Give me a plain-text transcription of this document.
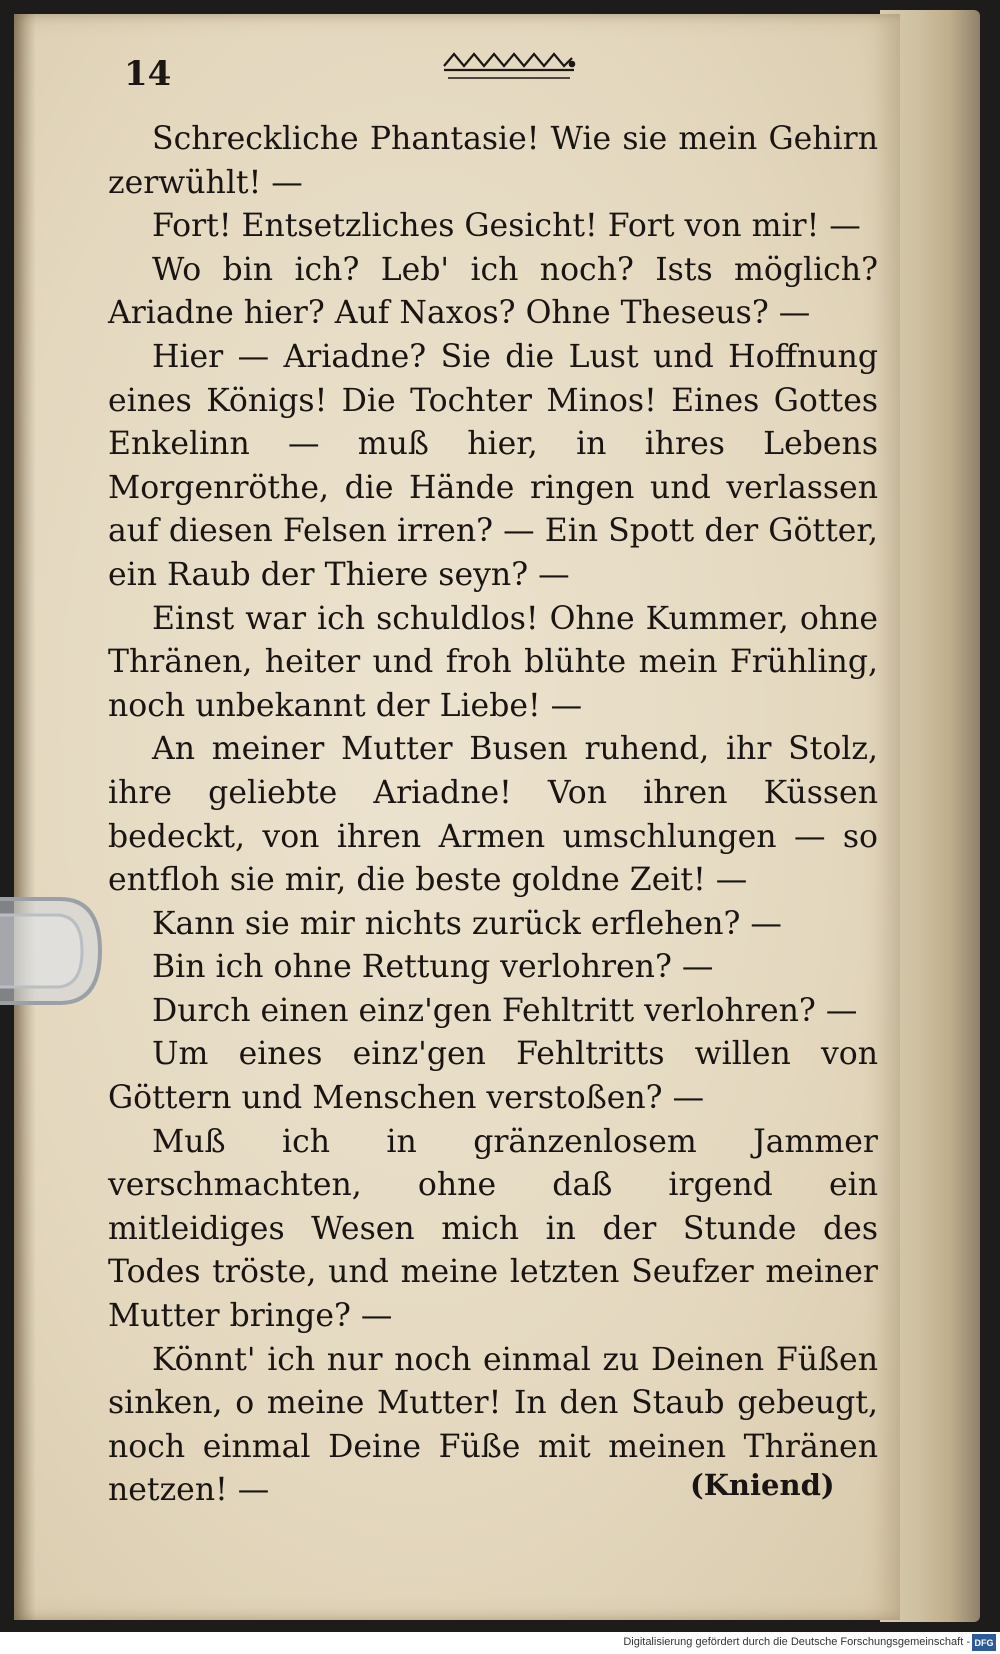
14

Schreckliche Phantasie! Wie sie mein Gehirn zerwühlt! —

Fort! Entsetzliches Gesicht! Fort von mir! —

Wo bin ich? Leb' ich noch? Ists möglich? Ariadne hier? Auf Naxos? Ohne Theseus? —

Hier — Ariadne? Sie die Lust und Hoffnung eines Königs! Die Tochter Minos! Eines Gottes Enkelinn — muß hier, in ihres Lebens Morgenröthe, die Hände ringen und verlassen auf diesen Felsen irren? — Ein Spott der Götter, ein Raub der Thiere seyn? —

Einst war ich schuldlos! Ohne Kummer, ohne Thränen, heiter und froh blühte mein Frühling, noch unbekannt der Liebe! —

An meiner Mutter Busen ruhend, ihr Stolz, ihre geliebte Ariadne! Von ihren Küssen bedeckt, von ihren Armen umschlungen — so entfloh sie mir, die beste goldne Zeit! —

Kann sie mir nichts zurück erflehen? —

Bin ich ohne Rettung verlohren? —

Durch einen einz'gen Fehltritt verlohren? —

Um eines einz'gen Fehltritts willen von Göttern und Menschen verstoßen? —

Muß ich in gränzenlosem Jammer verschmachten, ohne daß irgend ein mitleidiges Wesen mich in der Stunde des Todes tröste, und meine letzten Seufzer meiner Mutter bringe? —

Könnt' ich nur noch einmal zu Deinen Füßen sinken, o meine Mutter! In den Staub gebeugt, noch einmal Deine Füße mit meinen Thränen netzen! —	(Kniend)
Digitalisierung gefördert durch die Deutsche Forschungsgemeinschaft - DFG
